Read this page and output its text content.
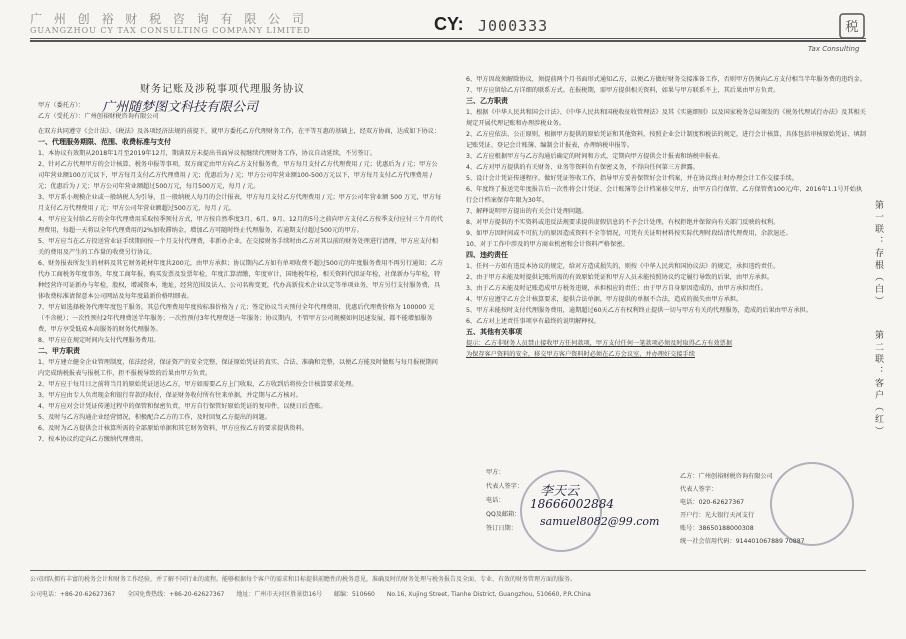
广 州 创 裕 财 税 咨 询 有 限 公 司
GUANGZHOU CY TAX CONSULTING COMPANY LIMITED	CY: J000333	税
Tax Consulting
财务记账及涉税事项代理服务协议

甲方（委托方）：

乙方（受托方）：广州创裕财税咨询有限公司

在双方共同遵守《会计法》、《税法》及各项经济法规的前提下，就甲方委托乙方代理财务工作，在平等互惠的基础上，经双方协商，达成如下协议：

一、代理服务期限、范围、收费标准与支付

1、本协议有效期从2018年1月至2019年12月，期满双方未提出书面异议视继续代理财务工作，协议自动延续，不另签订。

2、针对乙方代理甲方的会计核算、税务申报等事项，双方商定由甲方向乙方支付服务费，甲方每月支付乙方代理费用 / 元；优惠后为 / 元；甲方公司年营业额100万元以下，甲方每月支付乙方代理费用 / 元；优惠后为 / 元；甲方公司年营业额100-500万元以下，甲方每月支付乙方代理费用 / 元；优惠后为 / 元；甲方公司年营业额超过500万元，每月500万元，每月 / 元。

3、甲方系小规模企业或一般纳税人为引导，且一般纳税人每月的会计报表，甲方每月支付乙方代理费用 / 元；甲方公司年营业额 500 万元，甲方每月支付乙方代理费用 / 元；甲方公司年营业额超过500万元，每月 / 元。

4、甲方应支付给乙方的全年代理费用采取按季预付方式，甲方按自然季度3月、6月、9月、12月的5号之前向甲方支付乙方按季支付应付三个月的代理费用，每超一天将以全年代理费用的2%加收滞纳金，增加乙方可随时终止代理服务，若逾期支付超过500元的甲方。

5、甲方应当在乙方投送营业证手续期间按一个月支付代理费，非新办企业，在交接财务手续时由乙方对其以前的财务处理进行清理，甲方应支付相关的费用及产生的工作量的收费另行协议。

6、财务报表所发生的材料及其它财务耗材年度共200元，由甲方承担；协议期内乙方如有单项收费不超过500元的年度服务费用不再另行通知；乙方代办工商税务年度事务，年度工商年报，购买发票及发票年检，年度汇算清缴，年度审计，国地税年检，相关资料代拟证年检，社保新办与年检，特种经营许可证新办与年检，股权，增减资本，地址，经营范围及法人、公司名称变更，代办高新技术企业认定等单项业务，甲方另行支付服务费，具体收费标准请留意本公司网站及每年度最新价格明细表。

7、甲方如选择税务代理年度包干服务，其总代理费用年度按标准价格为 / 元；签定协议当天预付全年代理费用，优惠后代理费价格为 100000 元（不含税）；一次性预付2年代理费送半年服务；一次性预付3年代理费送一年服务；协议期内，不管甲方公司规模如何迅速发展，都不能增加服务费，甲方享受低成本高服务的财务代理服务。

8、甲方应在规定时间内支付代理服务费用。

二、甲方职责

1、甲方建立健全企业管理制度，依法经营，保证资产的安全完整，保证原始凭证的真实、合法、准确和完整，以便乙方能及时做账与每月报税期间内完成纳税报表与报税工作，拒不报税导致的后果由甲方负责。

2、甲方应于每月日之前将当月的原始凭证送达乙方，甲方如需要乙方上门收取，乙方收到后将按会计核算要求处理。

3、甲方应由专人负责现金和银行存款的收付，保证财务收付所有往来单据，并定期与乙方核对。

4、甲方应对会计凭证传递过程中的保管和保密负责，甲方自行保管好原始凭证的复印件，以便日后查账。

5、及时与乙方沟通企业经营情况，积极配合乙方的工作，及时回复乙方提出的问题。

6、及时为乙方提供会计核算所需的全部原始单据和其它财务资料，甲方应按乙方的要求提供资料。

7、按本协议约定向乙方缴纳代理费用。

广州随梦图文科技有限公司

6、甲方因故须解除协议，须提前两个月书面形式通知乙方，以便乙方做好财务交接准备工作，否则甲方仍须向乙方支付相当半年服务费的违约金。

7、甲方应留给乙方详细的联系方式。在报税期，需甲方提供相关资料，如果与甲方联系不上，其后果由甲方负责。

三、乙方职责

1、根据《中华人民共和国会计法》、《中华人民共和国税收征收管理法》及其《实施细则》以及国家税务总局颁发的《税务代理试行办法》及其相关规定开展代理记账和办理涉税业务。

2、乙方应依法、公正原则，根据甲方提供的原始凭证和其他资料，按照企业会计制度和税法的规定，进行会计核算，具体包括审核原始凭证、填制记账凭证、登记会计账簿、编制会计报表，办理纳税申报等。

3、乙方应根据甲方与乙方沟通后确定的时间和方式，定期向甲方提供会计报表和纳税申报表。

4、乙方对甲方提供的有关财务、业务等资料负有保密义务，不得向任何第三方泄露。

5、设计会计凭证传递程序，做好凭证签收工作，指导甲方妥善保管好会计档案，并在协议终止时办理会计工作交接手续。

6、年度终了报送完年度报告后一次性将会计凭证、会计账簿等会计档案移交甲方，由甲方自行保管，乙方保管费100元/年，2016年1.1号开始执行会计档案保存年限为30年。

7、解释说明甲方提出的有关会计处理问题。

8、对甲方提供的不实资料或违反法规要求提供虚假信息的不予会计处理，有权拒绝并保留向有关部门反映的权利。

9、如甲方因时间或不可抗力的原因造成资料不全等情况，可凭有关证明材料按实际代理时段结清代理费用，余款退还。

10、对于工作中涉及的甲方商业机密和会计资料严格保密。

四、违约责任

1、任何一方如有违反本协议的规定，给对方造成损失的，则按《中华人民共和国协议法》的规定，承担违约责任。

2、由于甲方未能及时提供记账所需的有效原始凭证和甲方人员未能按照协议约定履行导致的后果，由甲方承担。

3、由于乙方未能及时记账造成甲方税务违规，承担相应的责任；由于甲方自身原因造成的，由甲方承担责任。

4、甲方应遵守乙方会计核算要求，提供合法单据，甲方提供的单据不合法，造成的损失由甲方承担。

5、甲方未能按时支付代理服务费用，逾期超过60天乙方有权利终止提供一切与甲方有关的代理服务，造成的后果由甲方承担。

6、乙方对上述责任事项享有最终的说明解释权。

五、其他有关事项

提示：乙方非财务人员禁止接收甲方任何款项，甲方支付任何一笔款项必须及时取得乙方有效票据

为保存客户资料的安全，移交甲方客户资料时必须在乙方会议室，并办理好交接手续

甲方：

代表人签字：

电话：

QQ及邮箱：

签订日期：

李天云
18666002884
samuel8082@99.com

乙方：广州创裕财税咨询有限公司

代表人签字：

电话：020-62627367

开户行：光大银行天河支行

账号：38650188000308

统一社会信用代码：914401067889 70887

第一联：存根（白）
第二联：客户（红）
公司团队拥有丰富的税务会计和财务工作经验，并了解不同行业的流程。能够根据每个客户的需求和目标提供前瞻性的税务意见，准确及时的财务处理与税务报告及全面、专业、有效的财务管理方面的服务。
公司电话：+86-20-62627367　　全国免费热线：+86-20-62627367　　地址：广州市天河区胜景街16号　　邮编：510660　　No.16, Xujing Street, Tianhe District, Guangzhou, 510660, P.R.China
